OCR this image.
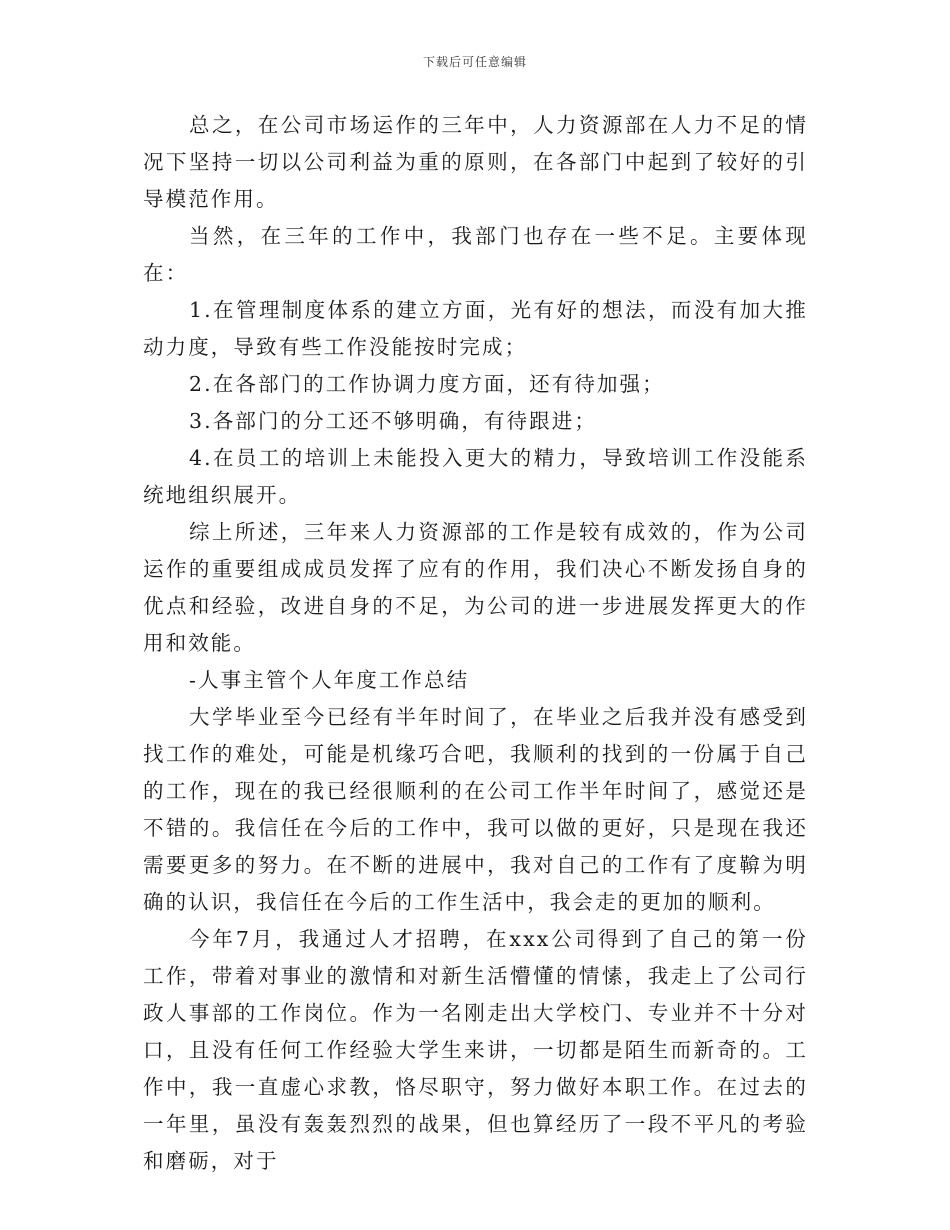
下载后可任意编辑

总之，在公司市场运作的三年中，人力资源部在人力不足的情况下坚持一切以公司利益为重的原则，在各部门中起到了较好的引导模范作用。

当然，在三年的工作中，我部门也存在一些不足。主要体现在：

1.在管理制度体系的建立方面，光有好的想法，而没有加大推动力度，导致有些工作没能按时完成；

2.在各部门的工作协调力度方面，还有待加强；

3.各部门的分工还不够明确，有待跟进；

4.在员工的培训上未能投入更大的精力，导致培训工作没能系统地组织展开。

综上所述，三年来人力资源部的工作是较有成效的，作为公司运作的重要组成成员发挥了应有的作用，我们决心不断发扬自身的优点和经验，改进自身的不足，为公司的进一步进展发挥更大的作用和效能。

-人事主管个人年度工作总结

大学毕业至今已经有半年时间了，在毕业之后我并没有感受到找工作的难处，可能是机缘巧合吧，我顺利的找到的一份属于自己的工作，现在的我已经很顺利的在公司工作半年时间了，感觉还是不错的。我信任在今后的工作中，我可以做的更好，只是现在我还需要更多的努力。在不断的进展中，我对自己的工作有了度鞥为明确的认识，我信任在今后的工作生活中，我会走的更加的顺利。

今年7月，我通过人才招聘，在xxx公司得到了自己的第一份工作，带着对事业的激情和对新生活懵懂的情愫，我走上了公司行政人事部的工作岗位。作为一名刚走出大学校门、专业并不十分对口，且没有任何工作经验大学生来讲，一切都是陌生而新奇的。工作中，我一直虚心求教，恪尽职守，努力做好本职工作。在过去的一年里，虽没有轰轰烈烈的战果，但也算经历了一段不平凡的考验和磨砺，对于
